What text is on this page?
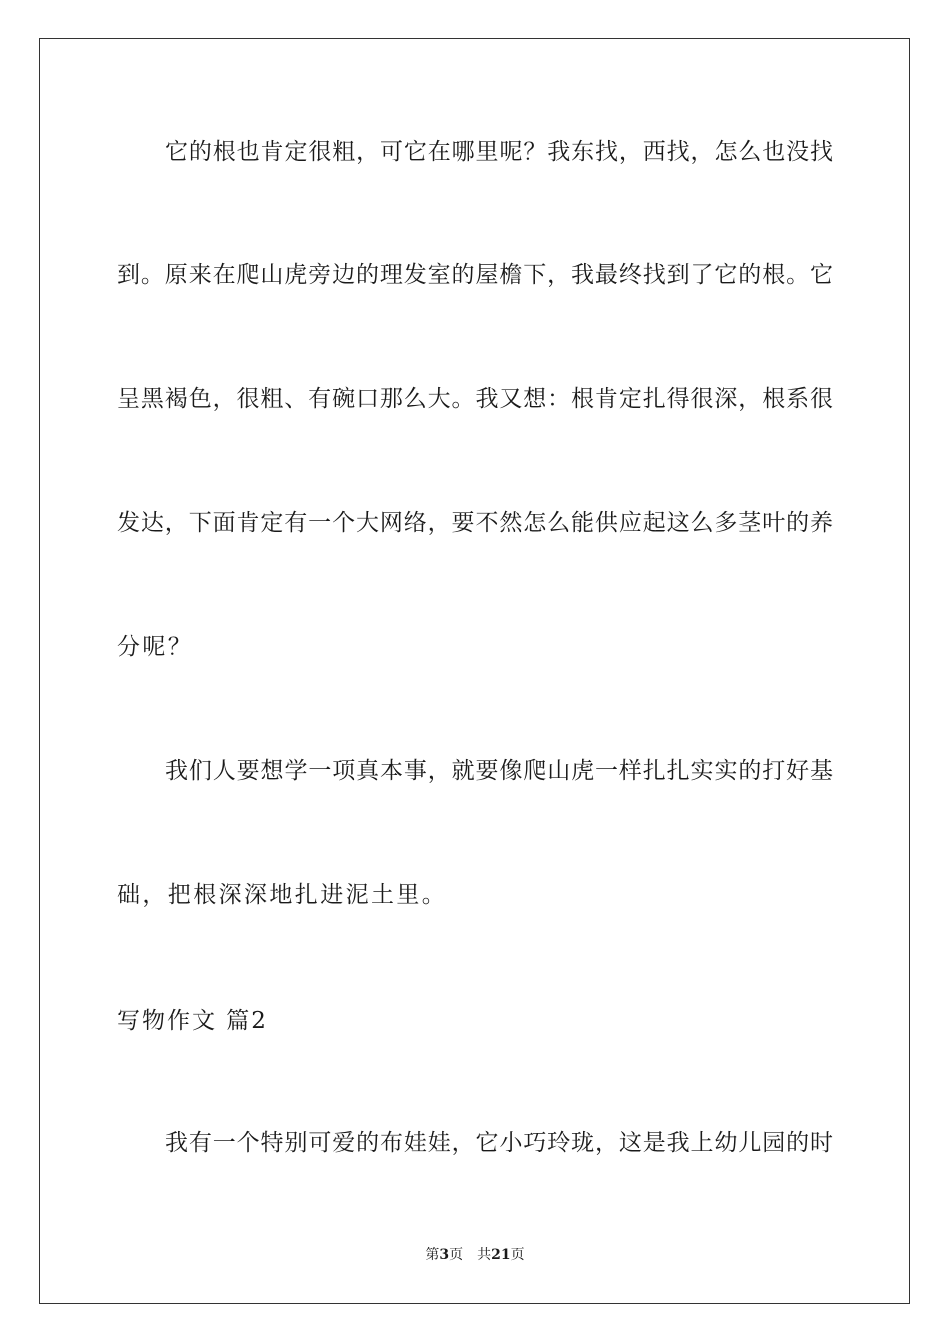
它的根也肯定很粗，可它在哪里呢？我东找，西找，怎么也没找
到。原来在爬山虎旁边的理发室的屋檐下，我最终找到了它的根。它
呈黑褐色，很粗、有碗口那么大。我又想：根肯定扎得很深，根系很
发达，下面肯定有一个大网络，要不然怎么能供应起这么多茎叶的养
分呢？
我们人要想学一项真本事，就要像爬山虎一样扎扎实实的打好基
础，把根深深地扎进泥土里。
写物作文 篇2
我有一个特别可爱的布娃娃，它小巧玲珑，这是我上幼儿园的时
第3页 共21页
